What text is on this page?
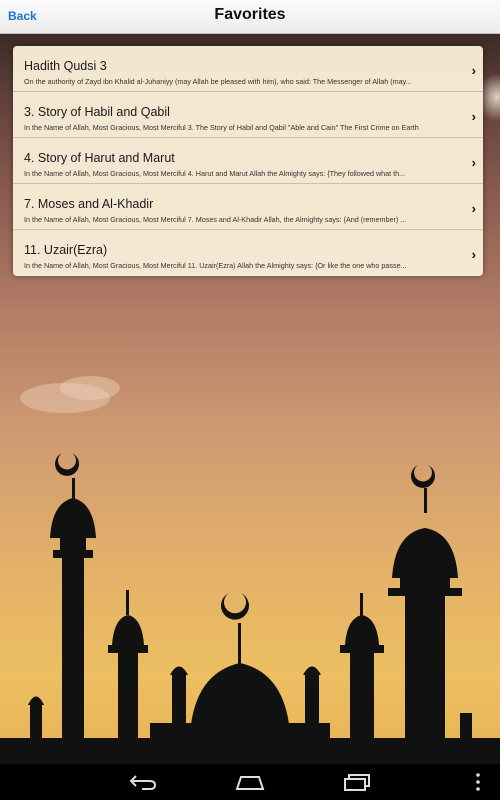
Back	Favorites
Hadith Qudsi 3
On the authority of Zayd ibn Khalid al-Juhaniyy (may Allah be pleased with him), who said: The Messenger of Allah (may...
›
3. Story of Habil and Qabil
In the Name of Allah, Most Gracious, Most Merciful 3. The Story of Habil and Qabil "Able and Cain" The First Crime on Earth
›
4. Story of Harut and Marut
In the Name of Allah, Most Gracious, Most Merciful 4. Harut and Marut Allah the Almighty says: {They followed what th...
›
7. Moses and Al-Khadir
In the Name of Allah, Most Gracious, Most Merciful 7. Moses and Al-Khadir Allah, the Almighty says: {And (remember) ...
›
11. Uzair(Ezra)
In the Name of Allah, Most Gracious, Most Merciful 11. Uzair(Ezra) Allah the Almighty says: {Or like the one who passe...
›
